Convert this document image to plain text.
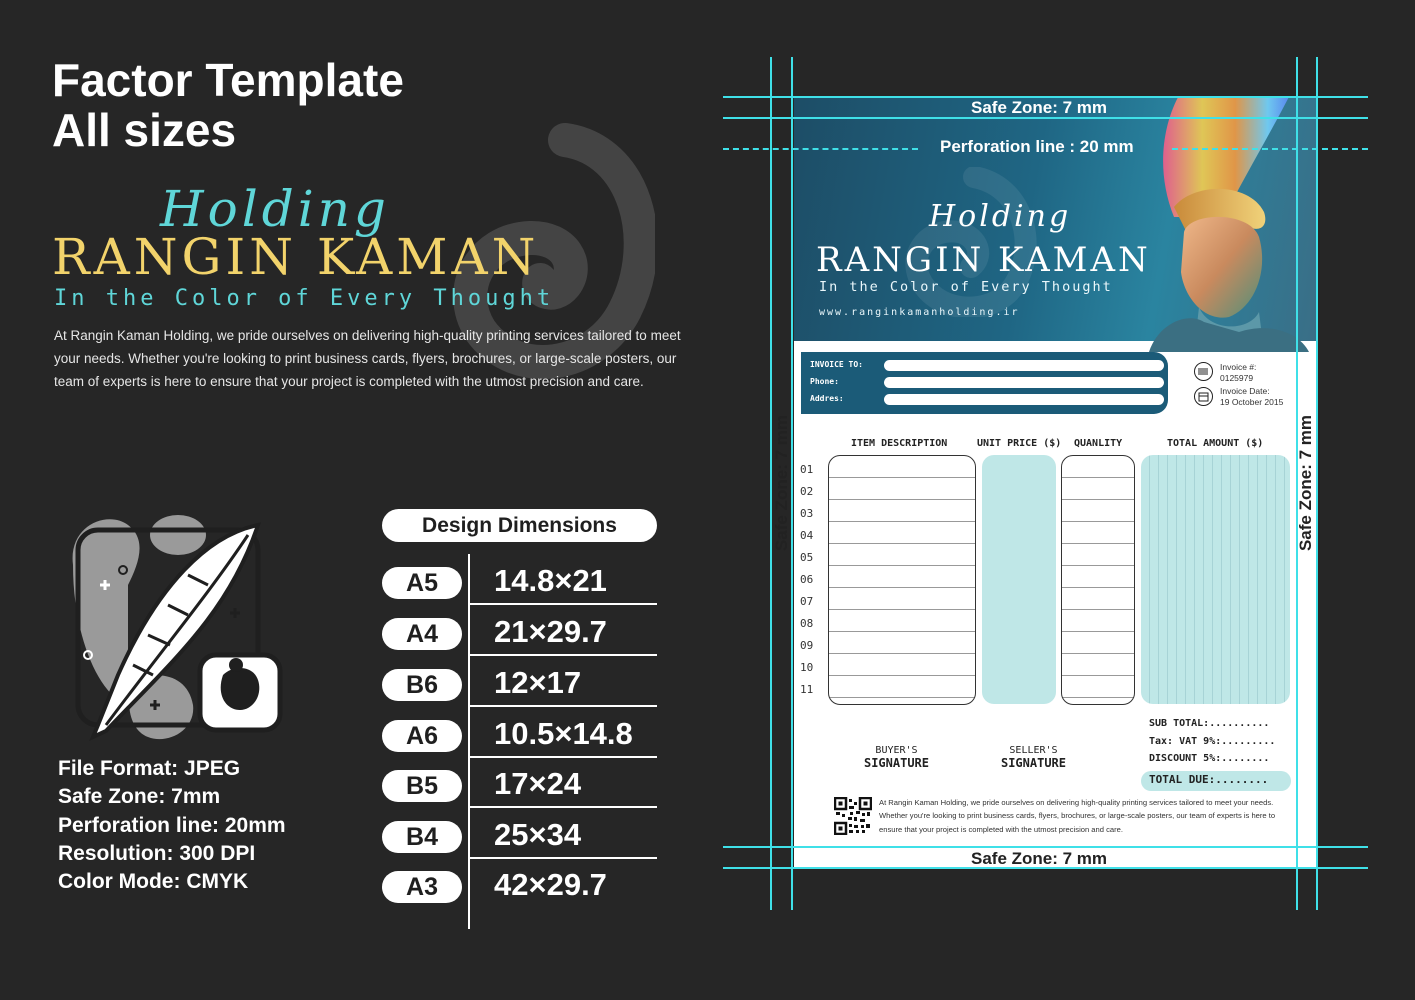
Factor Template
All sizes
Holding
RANGIN KAMAN
In the Color of Every Thought
At Rangin Kaman Holding, we pride ourselves on delivering high-quality printing services tailored to meet your needs. Whether you're looking to print business cards, flyers, brochures, or large-scale posters, our team of experts is here to ensure that your project is completed with the utmost precision and care.
File Format: JPEG
Safe Zone: 7mm
Perforation line: 20mm
Resolution: 300 DPI
Color Mode: CMYK
Design Dimensions
A5	14.8×21
A4	21×29.7
B6	12×17
A6	10.5×14.8
B5	17×24
B4	25×34
A3	42×29.7
Holding
RANGIN KAMAN
In the Color of Every Thought
www.ranginkamanholding.ir
INVOICE TO:
Phone:
Addres:
Invoice #:
0125979
Invoice Date:
19 October 2015
ITEM DESCRIPTION	UNIT PRICE ($) QUANLITY	TOTAL AMOUNT ($)
01
02
03
04
05
06
07
08
09
10
11
BUYER'S
SIGNATURE
SELLER'S
SIGNATURE
SUB TOTAL:..........
Tax: VAT 9%:.........
DISCOUNT 5%:........
TOTAL DUE:........
At Rangin Kaman Holding, we pride ourselves on delivering high-quality printing services tailored to meet your needs. Whether you're looking to print business cards, flyers, brochures, or large-scale posters, our team of experts is here to ensure that your project is completed with the utmost precision and care.
Safe Zone: 7 mm
Perforation line : 20 mm
Safe Zone: 7 mm
Safe Zone: 7 mm	Safe Zone: 7 mm
